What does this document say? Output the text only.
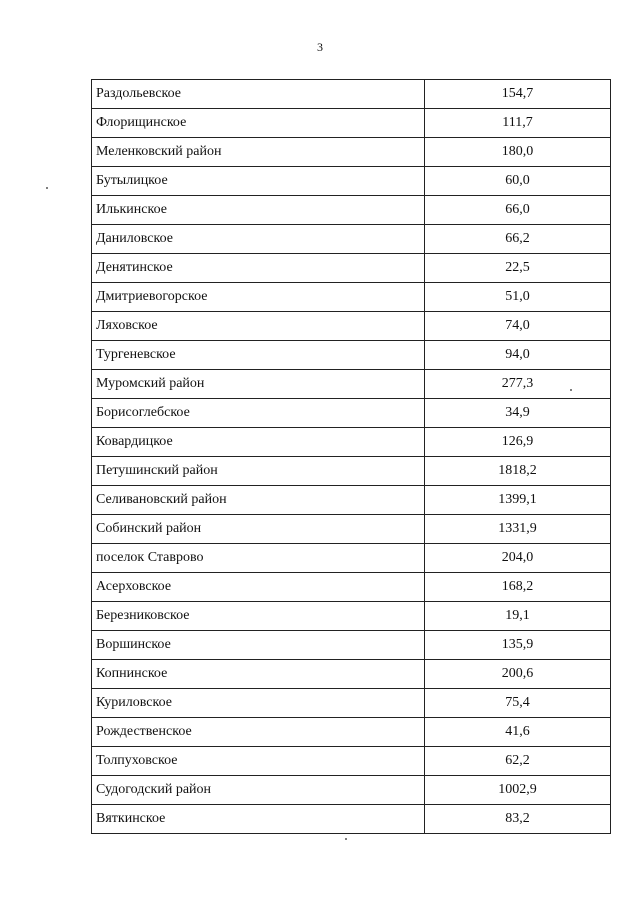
3
Раздольевское	154,7
Флорищинское	111,7
Меленковский район	180,0
Бутылицкое	60,0
Илькинское	66,0
Даниловское	66,2
Денятинское	22,5
Дмитриевогорское	51,0
Ляховское	74,0
Тургеневское	94,0
Муромский район	277,3
Борисоглебское	34,9
Ковардицкое	126,9
Петушинский район	1818,2
Селивановский район	1399,1
Собинский район	1331,9
поселок Ставрово	204,0
Асерховское	168,2
Березниковское	19,1
Воршинское	135,9
Копнинское	200,6
Куриловское	75,4
Рождественское	41,6
Толпуховское	62,2
Судогодский район	1002,9
Вяткинское	83,2
